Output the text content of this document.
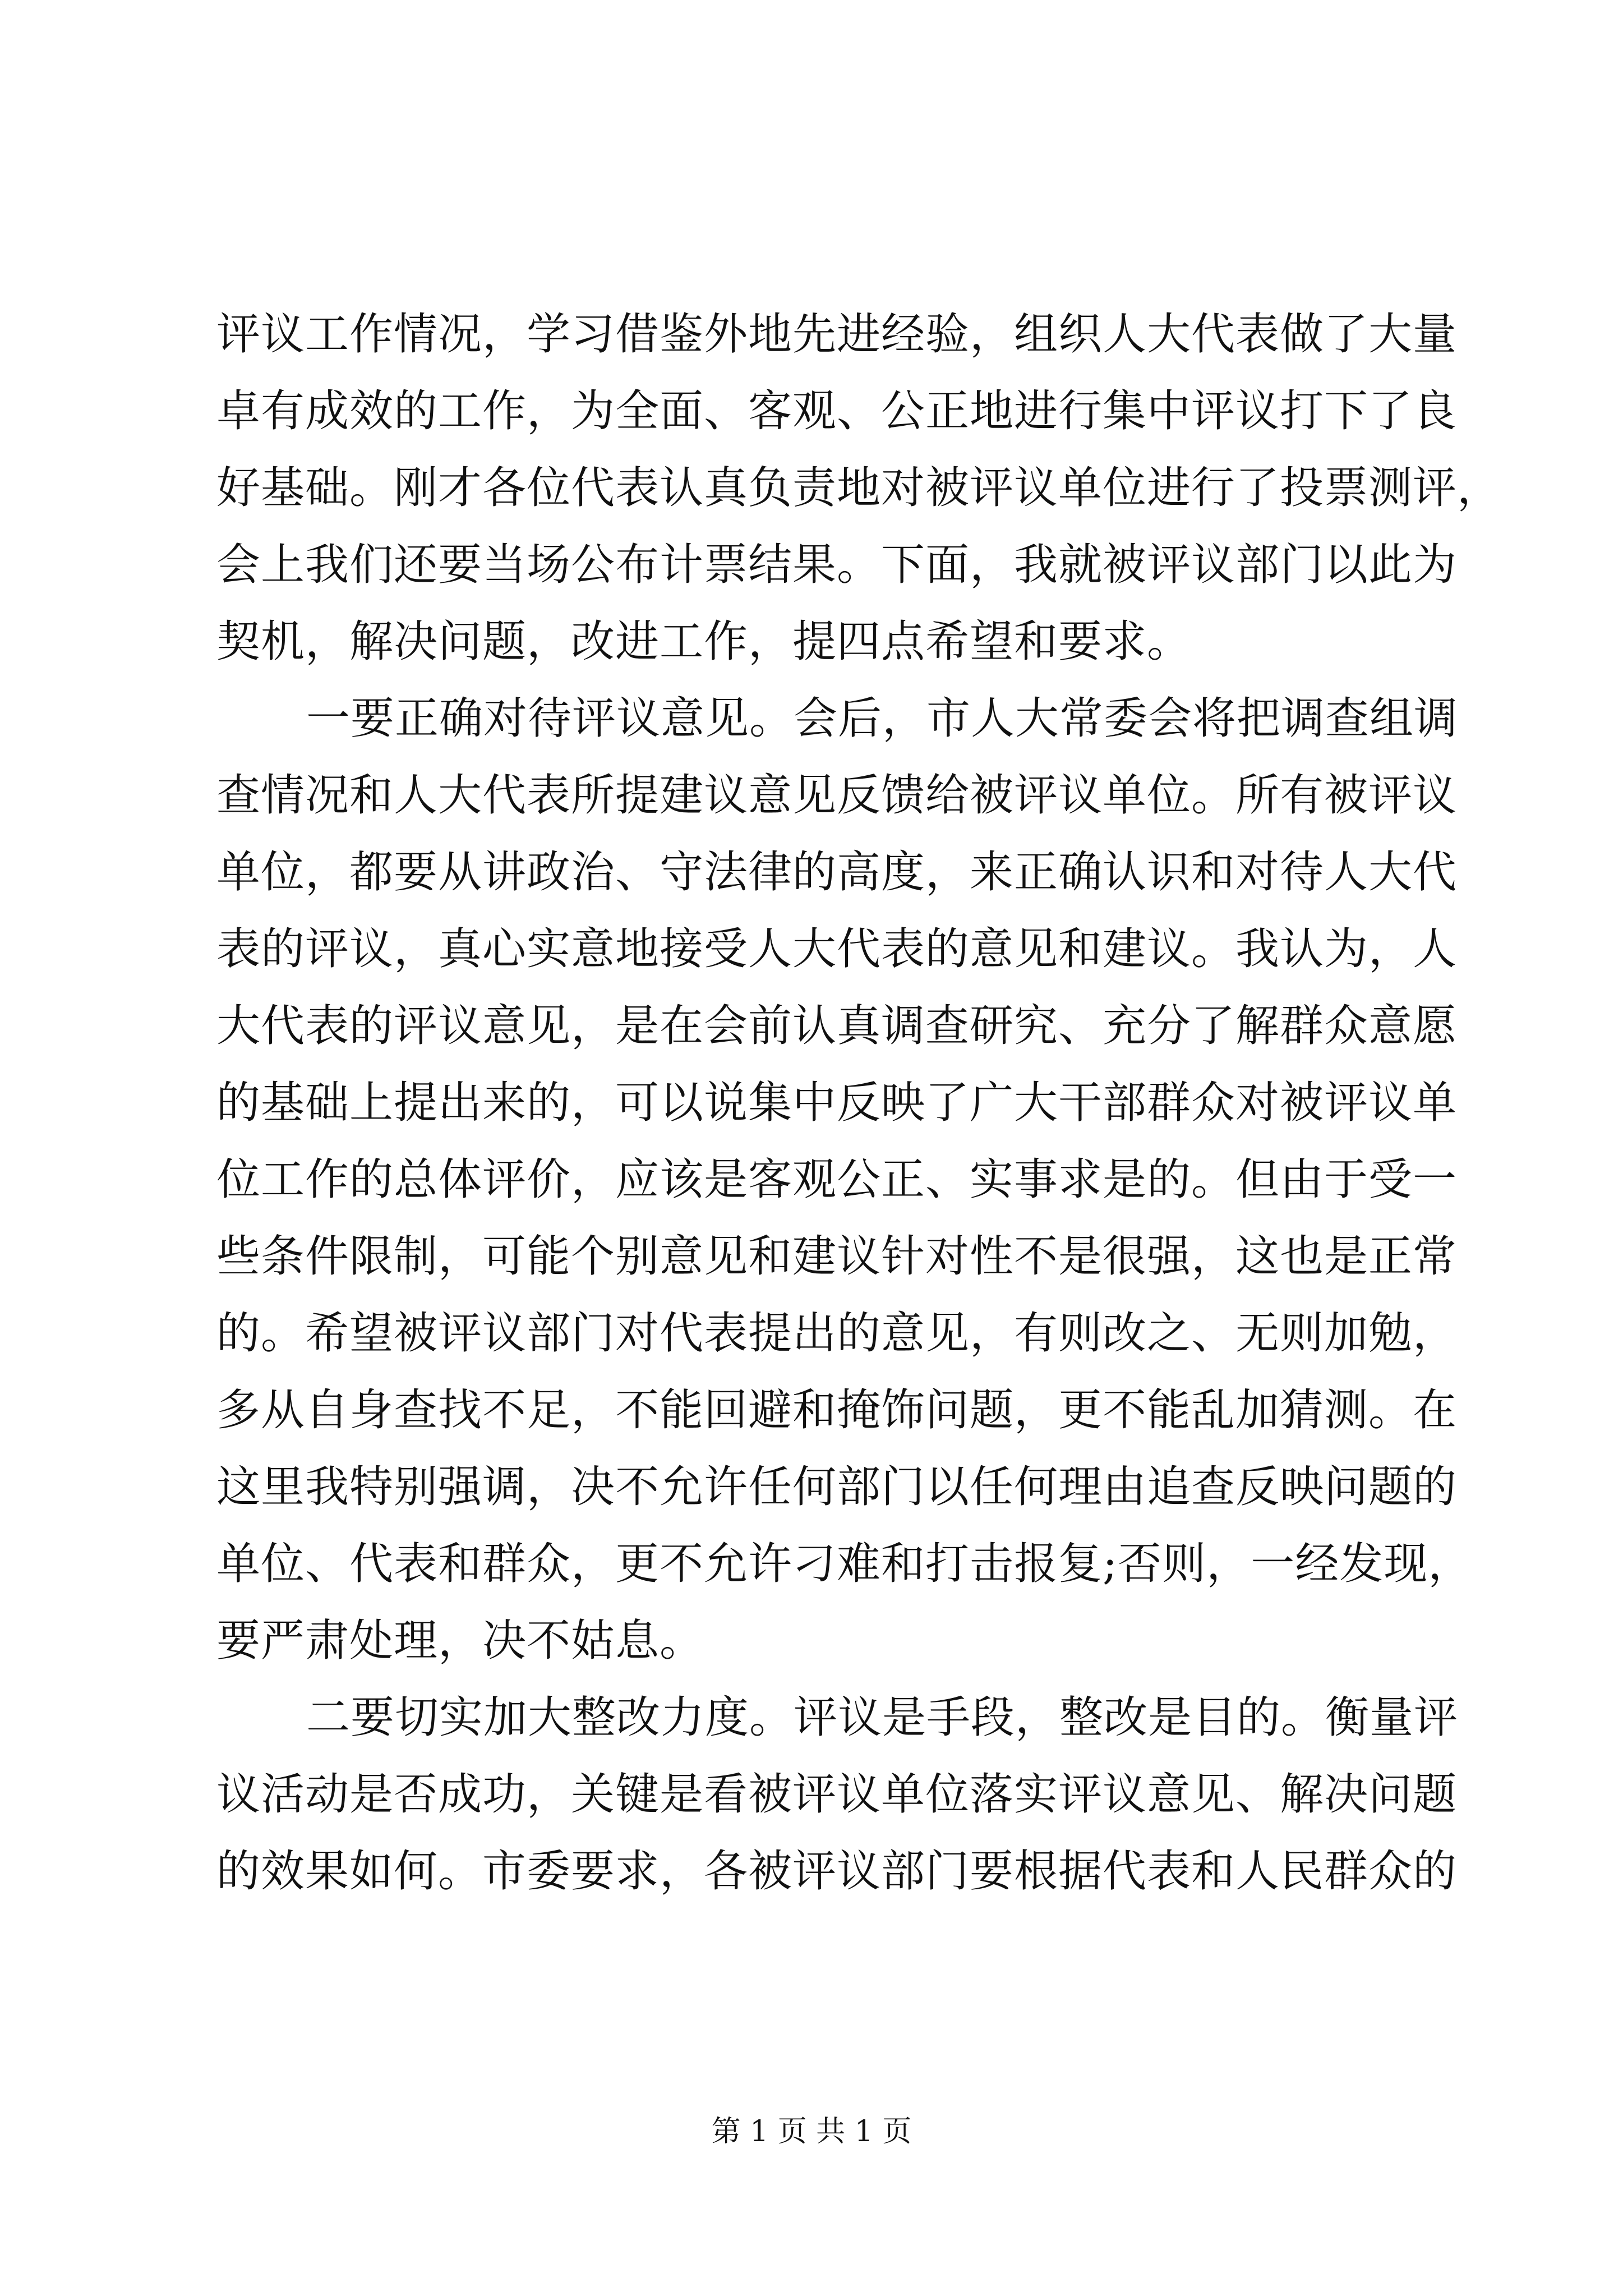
评议工作情况，学习借鉴外地先进经验，组织人大代表做了大量
卓有成效的工作，为全面、客观、公正地进行集中评议打下了良
好基础。刚才各位代表认真负责地对被评议单位进行了投票测评，
会上我们还要当场公布计票结果。下面，我就被评议部门以此为
契机，解决问题，改进工作，提四点希望和要求。
一要正确对待评议意见。会后，市人大常委会将把调查组调
查情况和人大代表所提建议意见反馈给被评议单位。所有被评议
单位，都要从讲政治、守法律的高度，来正确认识和对待人大代
表的评议，真心实意地接受人大代表的意见和建议。我认为，人
大代表的评议意见，是在会前认真调查研究、充分了解群众意愿
的基础上提出来的，可以说集中反映了广大干部群众对被评议单
位工作的总体评价，应该是客观公正、实事求是的。但由于受一
些条件限制，可能个别意见和建议针对性不是很强，这也是正常
的。希望被评议部门对代表提出的意见，有则改之、无则加勉，
多从自身查找不足，不能回避和掩饰问题，更不能乱加猜测。在
这里我特别强调，决不允许任何部门以任何理由追查反映问题的
单位、代表和群众，更不允许刁难和打击报复;否则，一经发现，
要严肃处理，决不姑息。
二要切实加大整改力度。评议是手段，整改是目的。衡量评
议活动是否成功，关键是看被评议单位落实评议意见、解决问题
的效果如何。市委要求，各被评议部门要根据代表和人民群众的
第 1 页 共 1 页
